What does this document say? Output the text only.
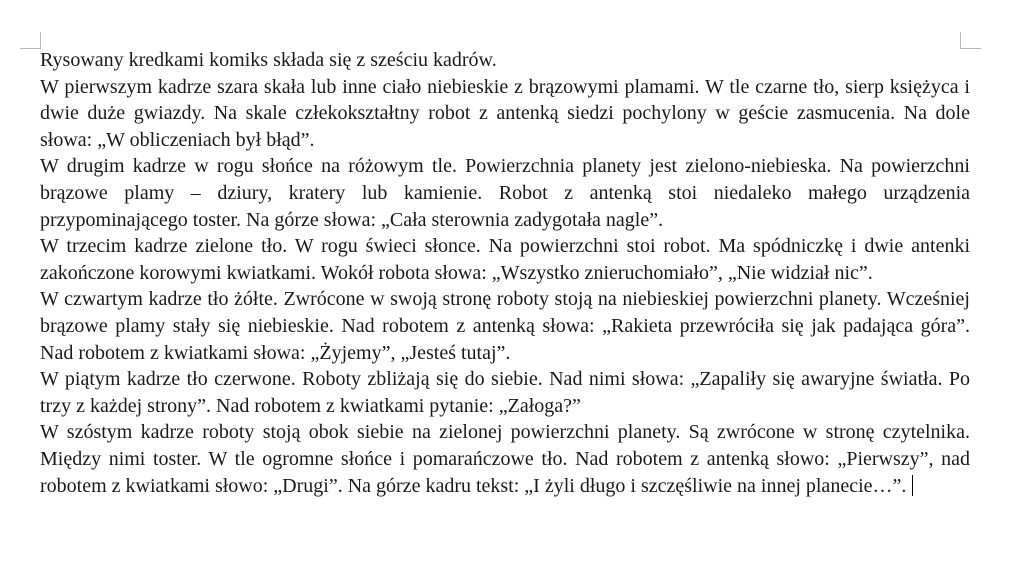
Rysowany kredkami komiks składa się z sześciu kadrów.

W pierwszym kadrze szara skała lub inne ciało niebieskie z brązowymi plamami. W tle czarne tło, sierp księżyca i dwie duże gwiazdy. Na skale człekokształtny robot z antenką siedzi pochylony w geście zasmucenia. Na dole słowa: „W obliczeniach był błąd”.

W drugim kadrze w rogu słońce na różowym tle. Powierzchnia planety jest zielono-niebieska. Na powierzchni brązowe plamy – dziury, kratery lub kamienie. Robot z antenką stoi niedaleko małego urządzenia przypominającego toster. Na górze słowa: „Cała sterownia zadygotała nagle”.

W trzecim kadrze zielone tło. W rogu świeci słonce. Na powierzchni stoi robot. Ma spódniczkę i dwie antenki zakończone korowymi kwiatkami. Wokół robota słowa: „Wszystko znieruchomiało”, „Nie widział nic”.

W czwartym kadrze tło żółte. Zwrócone w swoją stronę roboty stoją na niebieskiej powierzchni planety. Wcześniej brązowe plamy stały się niebieskie. Nad robotem z antenką słowa: „Rakieta przewróciła się jak padająca góra”. Nad robotem z kwiatkami słowa: „Żyjemy”, „Jesteś tutaj”.

W piątym kadrze tło czerwone. Roboty zbliżają się do siebie. Nad nimi słowa: „Zapaliły się awaryjne światła. Po trzy z każdej strony”. Nad robotem z kwiatkami pytanie: „Załoga?”

W szóstym kadrze roboty stoją obok siebie na zielonej powierzchni planety. Są zwrócone w stronę czytelnika. Między nimi toster. W tle ogromne słońce i pomarańczowe tło. Nad robotem z antenką słowo: „Pierwszy”, nad robotem z kwiatkami słowo: „Drugi”. Na górze kadru tekst: „I żyli długo i szczęśliwie na innej planecie…”.
